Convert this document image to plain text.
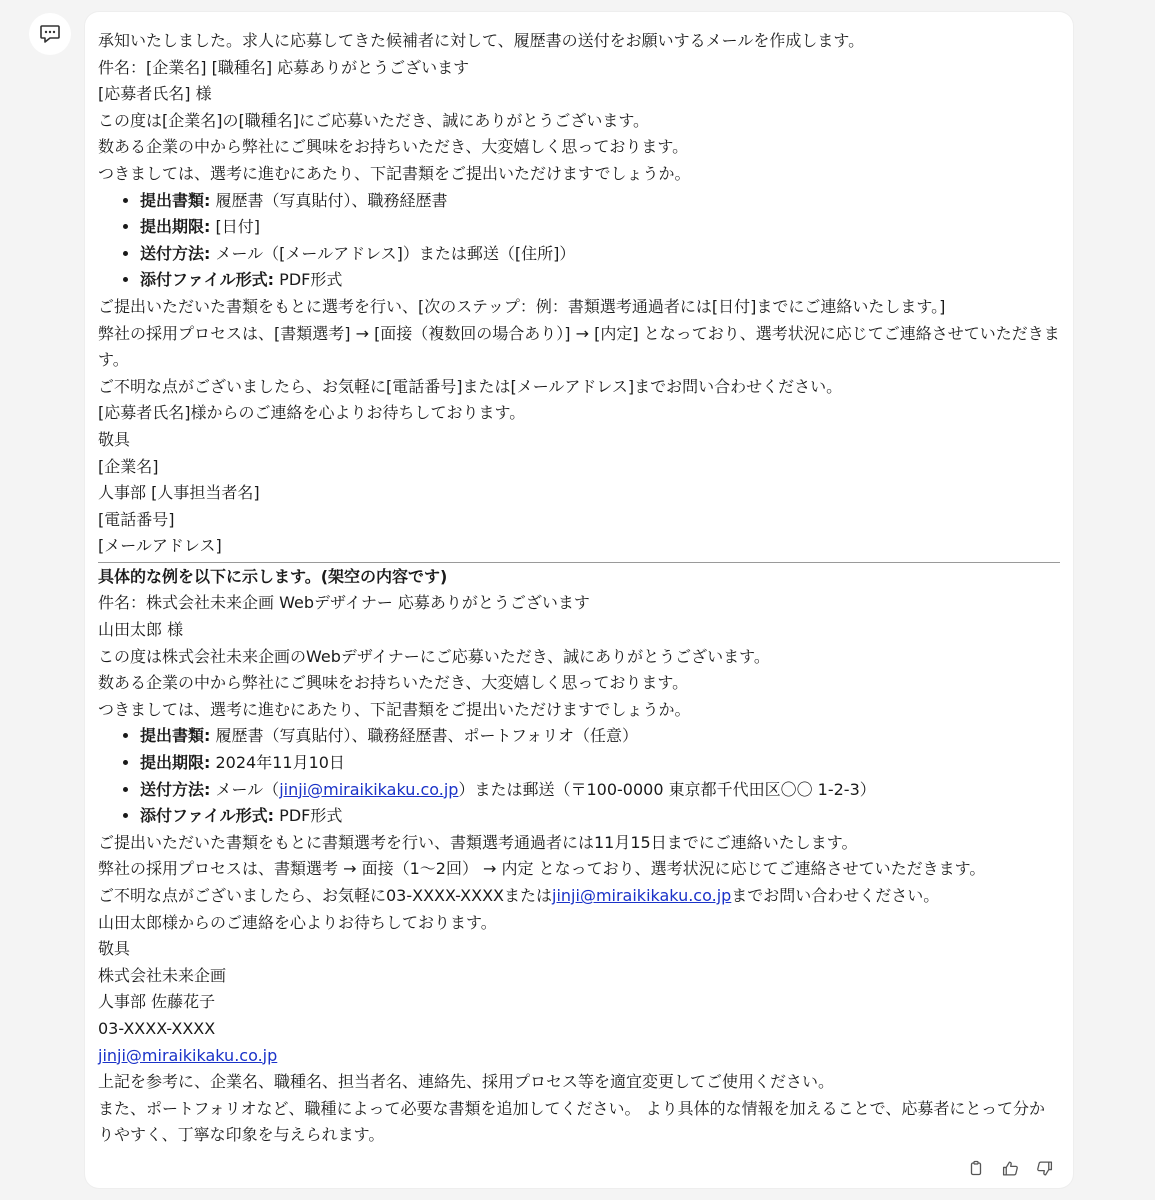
承知いたしました。求人に応募してきた候補者に対して、履歴書の送付をお願いするメールを作成します。
件名：[企業名] [職種名] 応募ありがとうございます
[応募者氏名] 様
この度は[企業名]の[職種名]にご応募いただき、誠にありがとうございます。
数ある企業の中から弊社にご興味をお持ちいただき、大変嬉しく思っております。
つきましては、選考に進むにあたり、下記書類をご提出いただけますでしょうか。
• 提出書類: 履歴書（写真貼付）、職務経歴書
• 提出期限: [日付]
• 送付方法: メール（[メールアドレス]）または郵送（[住所]）
• 添付ファイル形式: PDF形式
ご提出いただいた書類をもとに選考を行い、[次のステップ：例：書類選考通過者には[日付]までにご連絡いたします。]
弊社の採用プロセスは、[書類選考] → [面接（複数回の場合あり）] → [内定] となっており、選考状況に応じてご連絡させていただきます。
ご不明な点がございましたら、お気軽に[電話番号]または[メールアドレス]までお問い合わせください。
[応募者氏名]様からのご連絡を心よりお待ちしております。
敬具
[企業名]
人事部 [人事担当者名]
[電話番号]
[メールアドレス]
具体的な例を以下に示します。(架空の内容です)
件名：株式会社未来企画 Webデザイナー 応募ありがとうございます
山田太郎 様
この度は株式会社未来企画のWebデザイナーにご応募いただき、誠にありがとうございます。
数ある企業の中から弊社にご興味をお持ちいただき、大変嬉しく思っております。
つきましては、選考に進むにあたり、下記書類をご提出いただけますでしょうか。
• 提出書類: 履歴書（写真貼付）、職務経歴書、ポートフォリオ（任意）
• 提出期限: 2024年11月10日
• 送付方法: メール（jinji@miraikikaku.co.jp）または郵送（〒100-0000 東京都千代田区〇〇 1-2-3）
• 添付ファイル形式: PDF形式
ご提出いただいた書類をもとに書類選考を行い、書類選考通過者には11月15日までにご連絡いたします。
弊社の採用プロセスは、書類選考 → 面接（1〜2回） → 内定 となっており、選考状況に応じてご連絡させていただきます。
ご不明な点がございましたら、お気軽に03-XXXX-XXXXまたはjinji@miraikikaku.co.jpまでお問い合わせください。
山田太郎様からのご連絡を心よりお待ちしております。
敬具
株式会社未来企画
人事部 佐藤花子
03-XXXX-XXXX
jinji@miraikikaku.co.jp
上記を参考に、企業名、職種名、担当者名、連絡先、採用プロセス等を適宜変更してご使用ください。
また、ポートフォリオなど、職種によって必要な書類を追加してください。 より具体的な情報を加えることで、応募者にとって分かりやすく、丁寧な印象を与えられます。
